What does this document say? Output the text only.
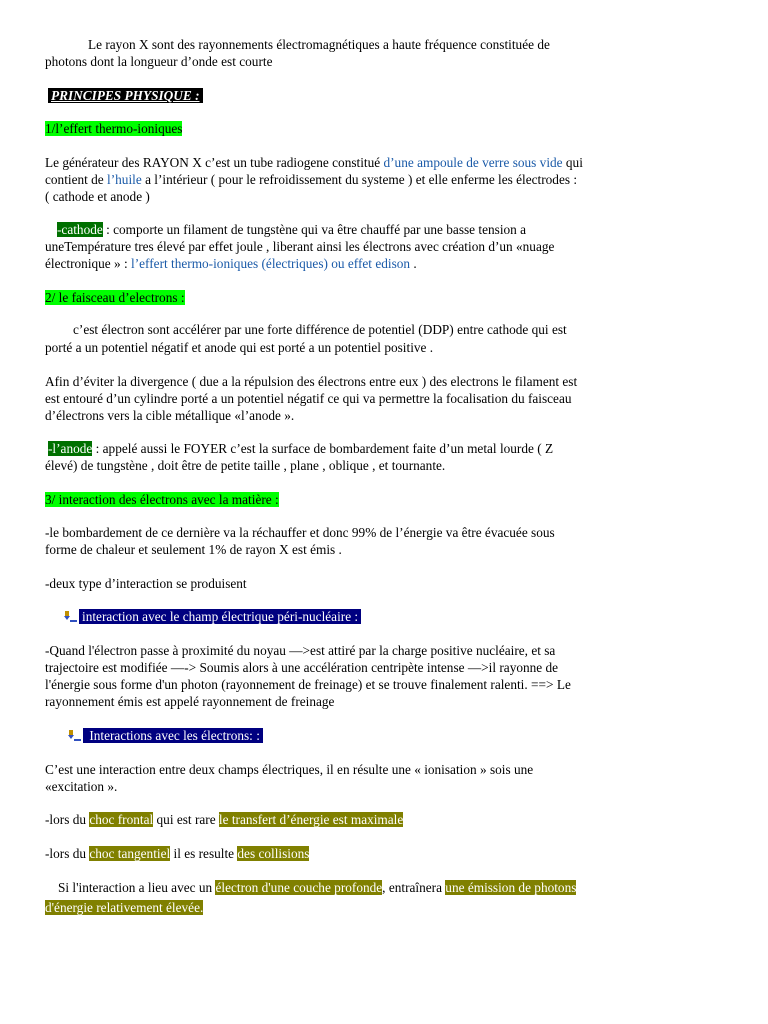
Le rayon X sont des rayonnements électromagnétiques a haute fréquence constituée de

photons dont la longueur d’onde est courte

PRINCIPES PHYSIQUE :

1/l’effert thermo-ioniques

Le générateur des RAYON X c’est un tube radiogene constitué d’une ampoule de verre sous vide qui

contient de l’huile a l’intérieur ( pour le refroidissement du systeme ) et elle enferme les électrodes :

( cathode et anode )

-cathode : comporte un filament de tungstène qui va être chauffé par une basse tension a

uneTempérature tres élevé par effet joule , liberant ainsi les électrons avec création d’un «nuage

électronique » : l’effert thermo-ioniques (électriques) ou effet edison .

2/ le faisceau d’electrons :

c’est électron sont accélérer par une forte différence de potentiel (DDP) entre cathode qui est

porté a un potentiel négatif et anode qui est porté a un potentiel positive .

Afin d’éviter la divergence ( due a la répulsion des électrons entre eux ) des electrons le filament est

est entouré d’un cylindre porté a un potentiel négatif ce qui va permettre la focalisation du faisceau

d’électrons vers la cible métallique «l’anode ».

-l’anode : appelé aussi le FOYER c’est la surface de bombardement faite d’un metal lourde ( Z

élevé) de tungstène , doit être de petite taille , plane , oblique , et tournante.

3/ interaction des électrons avec la matière :

-le bombardement de ce dernière va la réchauffer et donc 99% de l’énergie va être évacuée sous

forme de chaleur et seulement 1% de rayon X est émis .

-deux type d’interaction se produisent

interaction avec le champ électrique péri-nucléaire :

-Quand l'électron passe à proximité du noyau —>est attiré par la charge positive nucléaire, et sa

trajectoire est modifiée —-> Soumis alors à une accélération centripète intense —>il rayonne de

l'énergie sous forme d'un photon (rayonnement de freinage) et se trouve finalement ralenti. ==> Le

rayonnement émis est appelé rayonnement de freinage

Interactions avec les électrons: :

C’est une interaction entre deux champs électriques, il en résulte une « ionisation » sois une

«excitation ».

-lors du choc frontal qui est rare le transfert d’énergie est maximale

-lors du choc tangentiel il es resulte des collisions

Si l'interaction a lieu avec un électron d'une couche profonde, entraînera une émission de photons

d'énergie relativement élevée.
